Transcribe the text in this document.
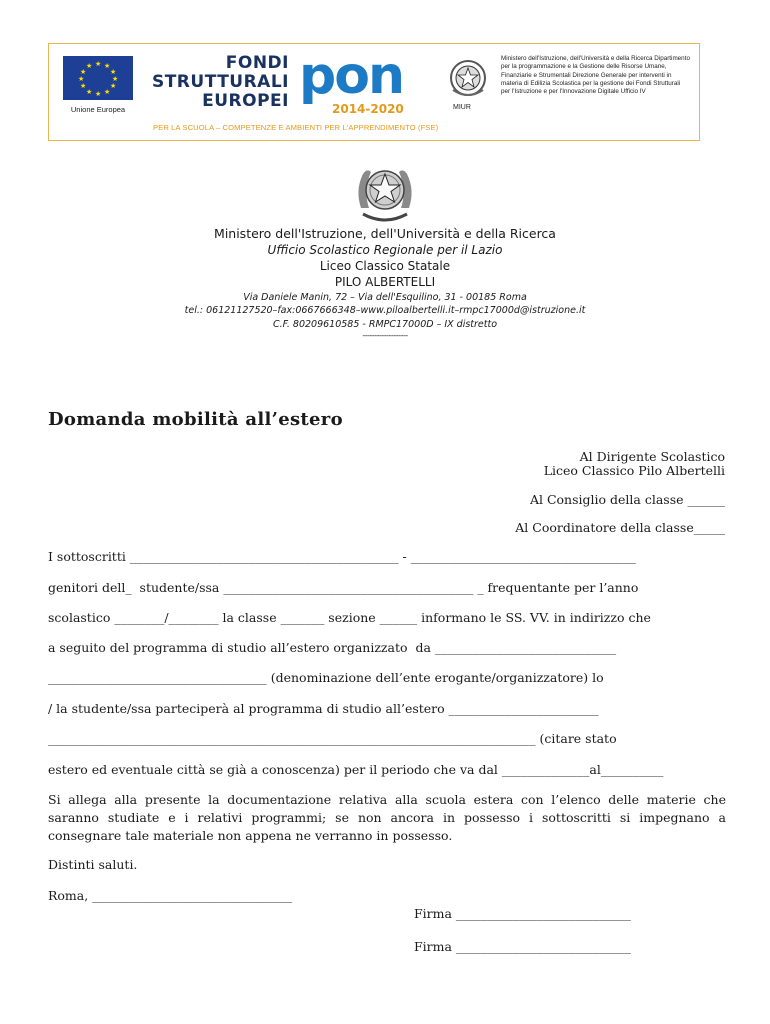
★ ★
★
★
★
★
★
★
★
★
★
★
Unione Europea
FONDI
STRUTTURALI
EUROPEI pon
2014-2020
PER LA SCUOLA – COMPETENZE E AMBIENTI PER L'APPRENDIMENTO (FSE)
MIUR
Ministero dell'Istruzione, dell'Università e della Ricerca Dipartimento per la programmazione e la Gestione delle Risorse Umane, Finanziarie e Strumentali Direzione Generale per interventi in materia di Edilizia Scolastica per la gestione dei Fondi Strutturali per l'Istruzione e per l'Innovazione Digitale Ufficio IV
Ministero dell'Istruzione, dell'Università e della Ricerca
Ufficio Scolastico Regionale per il Lazio
Liceo Classico Statale
PILO ALBERTELLI
Via Daniele Manin, 72 – Via dell'Esquilino, 31 - 00185 Roma
tel.: 06121127520–fax:0667666348–www.piloalbertelli.it–rmpc17000d@istruzione.it
C.F. 80209610585 - RMPC17000D – IX distretto
-------------------
Domanda mobilità all’estero
Al Dirigente Scolastico
Liceo Classico Pilo Albertelli
Al Consiglio della classe ______
Al Coordinatore della classe_____
I sottoscritti ___________________________________________ - ____________________________________
genitori dell_  studente/ssa ________________________________________ _ frequentante per l’anno
scolastico ________/________ la classe _______ sezione ______ informano le SS. VV. in indirizzo che
a seguito del programma di studio all’estero organizzato  da _____________________________
___________________________________ (denominazione dell’ente erogante/organizzatore) lo
/ la studente/ssa parteciperà al programma di studio all’estero ________________________
______________________________________________________________________________ (citare stato
estero ed eventuale città se già a conoscenza) per il periodo che va dal ______________al__________
Si allega alla presente la documentazione relativa alla scuola estera con l’elenco delle materie che saranno studiate e i relativi programmi; se non ancora in possesso i sottoscritti si impegnano a consegnare tale materiale non appena ne verranno in possesso.
Distinti saluti.
Roma, ________________________________
Firma ____________________________
Firma ____________________________
